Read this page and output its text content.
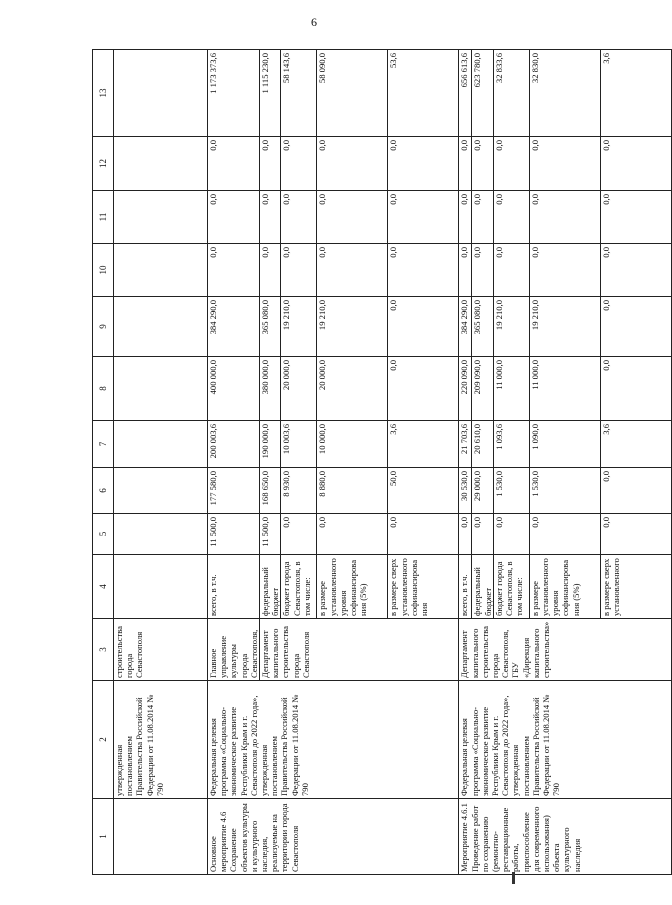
6
1	2	3	4	5	6	7	8	9	10	11	12	13
	утвержденная постановлением Правительства Российской Федерации от 11.08.2014 № 790	строительства города Севастополя										
Основное мероприятие 4.6 Сохранение объектов культуры и культурного наследия, реализуемые на территории города Севастополя	Федеральная целевая программа «Социально-экономическое развитие Республики Крым и г. Севастополя до 2022 года», утвержденная постановлением Правительства Российской Федерации от 11.08.2014 № 790	Главное управление культуры города Севастополя,	всего, в т.ч.	11 500,0	177 580,0	200 003,6	400 000,0	384 290,0	0,0	0,0	0,0	1 173 373,6
		Департамент капитального строительства города Севастополя	федеральный бюджет	11 500,0	168 650,0	190 000,0	380 000,0	365 080,0	0,0	0,0	0,0	1 115 230,0
			бюджет города Севастополя, в том числе:	0,0	8 930,0	10 003,6	20 000,0	19 210,0	0,0	0,0	0,0	58 143,6
			в размере установленного уровня софинансирования (5%)	0,0	8 880,0	10 000,0	20 000,0	19 210,0	0,0	0,0	0,0	58 090,0
			в размере сверх установленного софинансирования	0,0	50,0	3,6	0,0	0,0	0,0	0,0	0,0	53,6
Мероприятие 4.6.1 Проведение работ по сохранению (ремонтно-реставрационные работы, приспособление для современного использования) объекта культурного наследия	Федеральная целевая программа «Социально-экономическое развитие Республики Крым и г. Севастополя до 2022 года», утвержденная постановлением Правительства Российской Федерации от 11.08.2014 № 790	Департамент капитального строительства города Севастополя, ГБУ «Дирекция капитального строительства»	всего, в т.ч.	0,0	30 530,0	21 703,6	220 090,0	384 290,0	0,0	0,0	0,0	656 613,6
			федеральный бюджет	0,0	29 000,0	20 610,0	209 090,0	365 080,0	0,0	0,0	0,0	623 780,0
			бюджет города Севастополя, в том числе:	0,0	1 530,0	1 093,6	11 000,0	19 210,0	0,0	0,0	0,0	32 833,6
			в размере установленного уровня софинансирования (5%)	0,0	1 530,0	1 090,0	11 000,0	19 210,0	0,0	0,0	0,0	32 830,0
			в размере сверх установленного	0,0	0,0	3,6	0,0	0,0	0,0	0,0	0,0	3,6
